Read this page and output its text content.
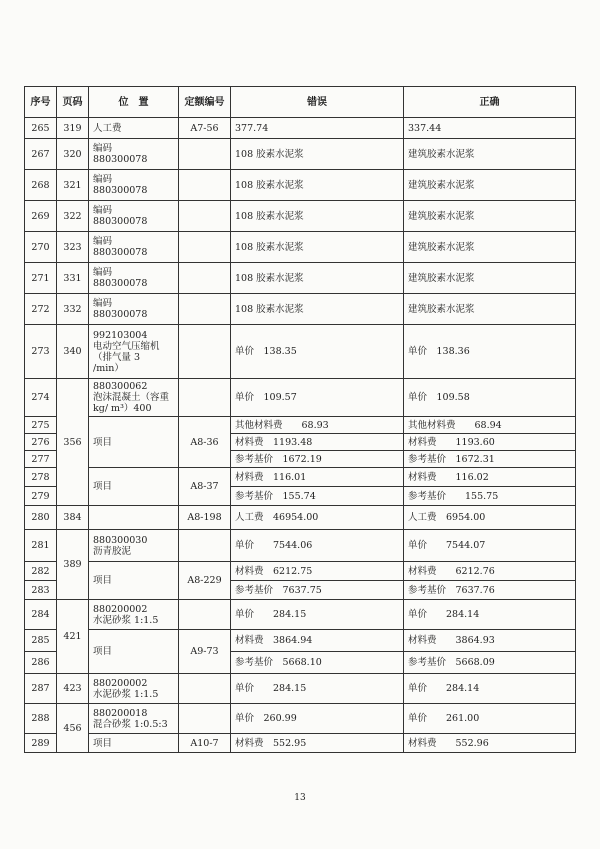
序号	页码	位　置	定额编号	错误	正确
265	319	人工费	A7-56	377.74	337.44
267	320	编码　880300078		108 胶素水泥浆	建筑胶素水泥浆
268	321	编码　880300078		108 胶素水泥浆	建筑胶素水泥浆
269	322	编码　880300078		108 胶素水泥浆	建筑胶素水泥浆
270	323	编码　880300078		108 胶素水泥浆	建筑胶素水泥浆
271	331	编码　880300078		108 胶素水泥浆	建筑胶素水泥浆
272	332	编码　880300078		108 胶素水泥浆	建筑胶素水泥浆
273	340	992103004
电动空气压缩机
（排气量 3
/min）		单价　138.35	单价　138.36
274	356	880300062
泡沫混凝土（容重
kg/ m³）400		单价　109.57	单价　109.58
275		项目	A8-36	其他材料费　　68.93	其他材料费　　68.94
276				材料费　1193.48	材料费　　1193.60
277				参考基价　1672.19	参考基价　1672.31
278		项目	A8-37	材料费　116.01	材料费　　116.02
279				参考基价　155.74	参考基价　　155.75
280	384		A8-198	人工费　46954.00	人工费　6954.00
281	389	880300030
沥青胶泥		单价　　7544.06	单价　　7544.07
282		项目	A8-229	材料费　6212.75	材料费　　6212.76
283				参考基价　7637.75	参考基价　7637.76
284	421	880200002
水泥砂浆 1:1.5		单价　　284.15	单价　　284.14
285		项目	A9-73	材料费　3864.94	材料费　　3864.93
286				参考基价　5668.10	参考基价　5668.09
287	423	880200002
水泥砂浆 1:1.5		单价　　284.15	单价　　284.14
288	456	880200018
混合砂浆 1:0.5:3		单价　260.99	单价　　261.00
289		项目	A10-7	材料费　552.95	材料费　　552.96
13
